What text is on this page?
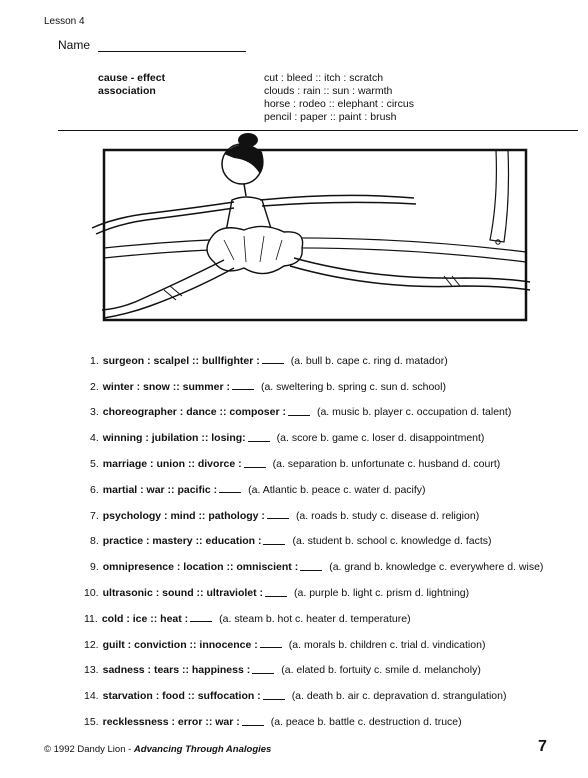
Lesson 4
Name
cause - effect	cut : bleed :: itch : scratch
clouds : rain :: sun : warmth
association
horse : rodeo :: elephant : circus
pencil : paper :: paint : brush
1. surgeon : scalpel :: bullfighter :	(a. bull b. cape c. ring d. matador)
2. winter : snow :: summer :	(a. sweltering b. spring c. sun d. school)
3. choreographer : dance :: composer :	(a. music b. player c. occupation d. talent)
4. winning : jubilation :: losing:	(a. score b. game c. loser d. disappointment)
5. marriage : union :: divorce :	(a. separation b. unfortunate c. husband d. court)
6. martial : war :: pacific :	(a. Atlantic b. peace c. water d. pacify)
7. psychology : mind :: pathology :	(a. roads b. study c. disease d. religion)
8. practice : mastery :: education :	(a. student b. school c. knowledge d. facts)
9. omnipresence : location :: omniscient :	(a. grand b. knowledge c. everywhere d. wise)
10. ultrasonic : sound :: ultraviolet :	(a. purple b. light c. prism d. lightning)
11. cold : ice :: heat :	(a. steam b. hot c. heater d. temperature)
12. guilt : conviction :: innocence :	(a. morals b. children c. trial d. vindication)
13. sadness : tears :: happiness :	(a. elated b. fortuity c. smile d. melancholy)
14. starvation : food :: suffocation :	(a. death b. air c. depravation d. strangulation)
15. recklessness : error :: war :	(a. peace b. battle c. destruction d. truce)
© 1992 Dandy Lion - Advancing Through Analogies	7
